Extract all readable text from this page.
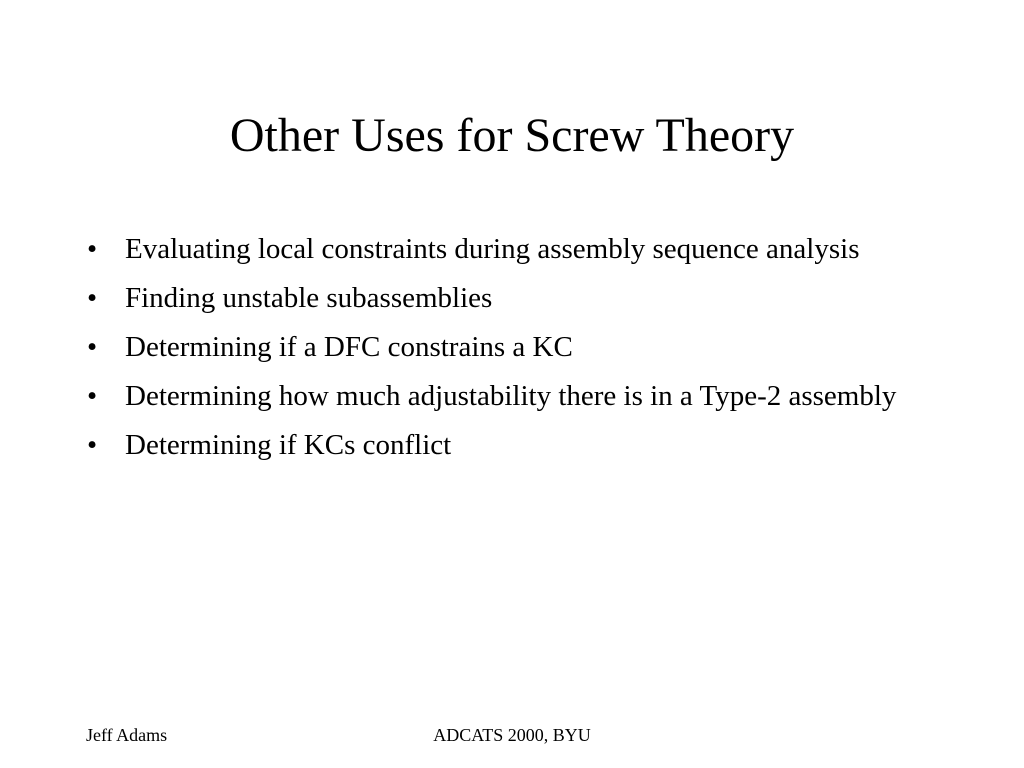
Other Uses for Screw Theory
• Evaluating local constraints during assembly sequence analysis
• Finding unstable subassemblies
• Determining if a DFC constrains a KC
• Determining how much adjustability there is in a Type-2 assembly
• Determining if KCs conflict
Jeff Adams	ADCATS 2000, BYU
